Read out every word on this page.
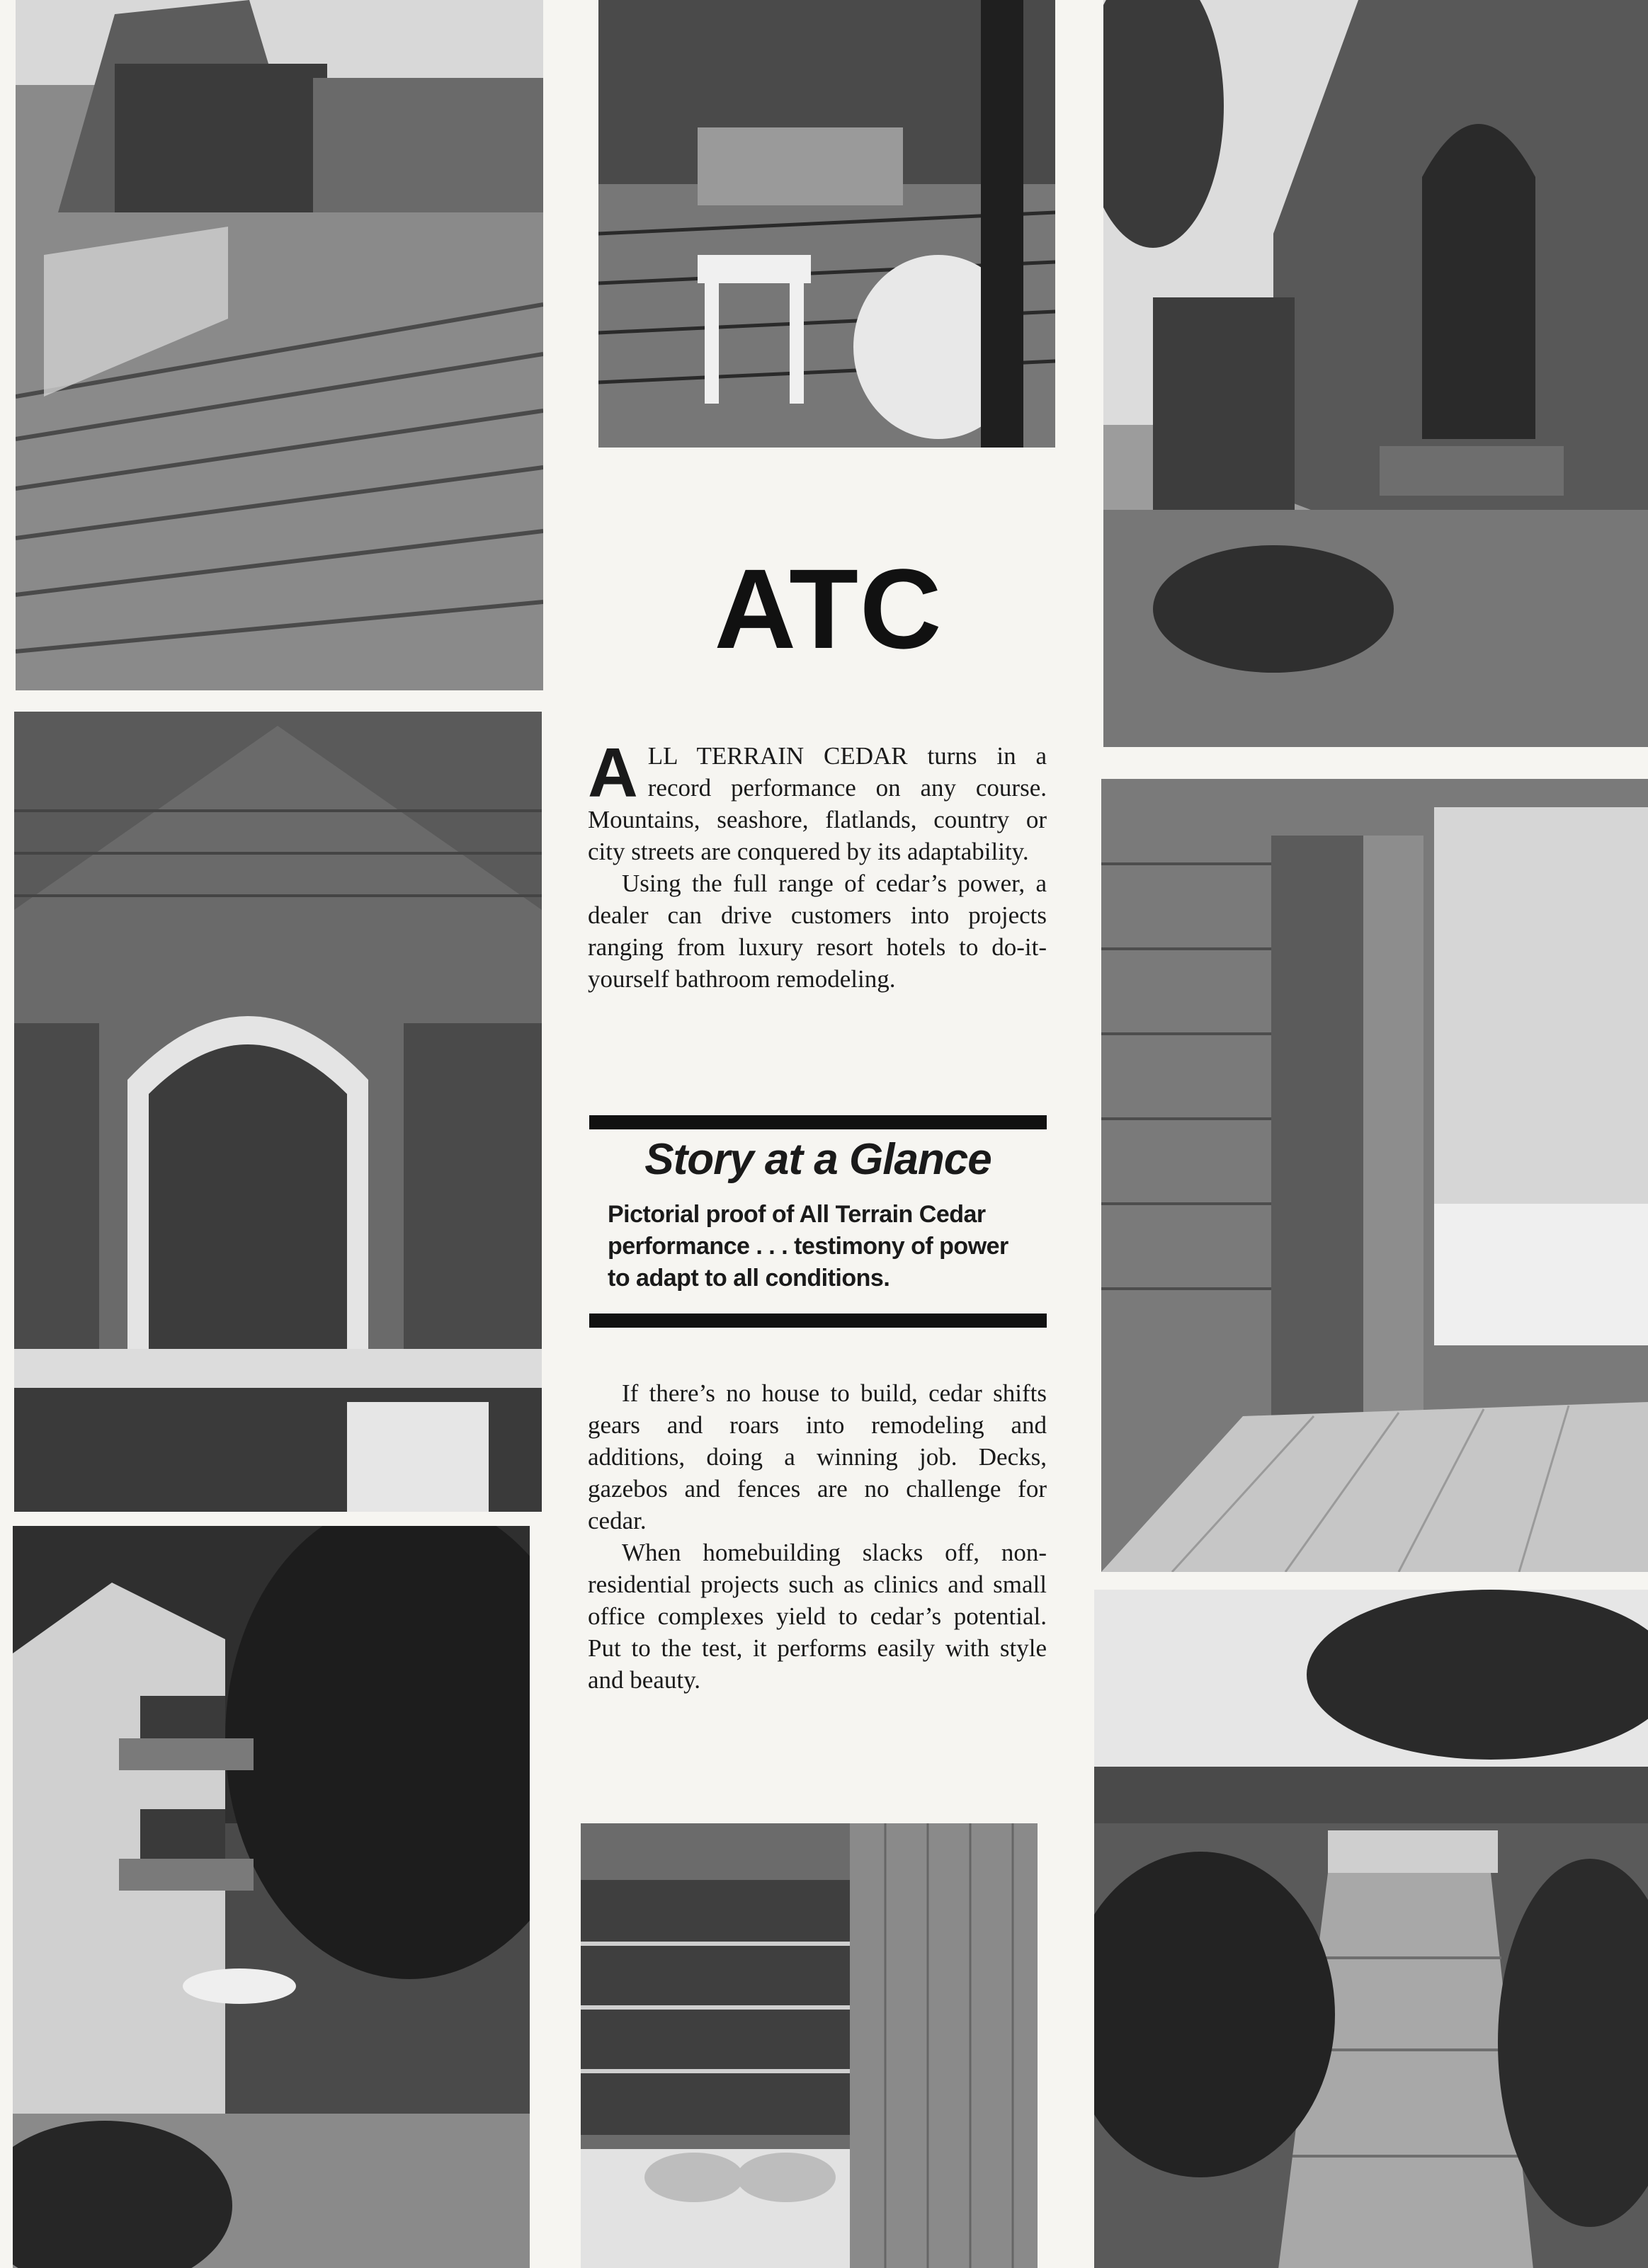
ATC

ALL TERRAIN CEDAR turns in a record performance on any course. Mountains, seashore, flatlands, country or city streets are conquered by its adaptability.

Using the full range of cedar’s power, a dealer can drive customers into projects ranging from luxury resort hotels to do-it-yourself bathroom remodeling.

Story at a Glance
Pictorial proof of All Terrain Cedar performance . . . testimony of power to adapt to all conditions.

If there’s no house to build, cedar shifts gears and roars into remodeling and additions, doing a winning job. Decks, gazebos and fences are no challenge for cedar.

When homebuilding slacks off, non-residential projects such as clinics and small office complexes yield to cedar’s potential. Put to the test, it performs easily with style and beauty.
